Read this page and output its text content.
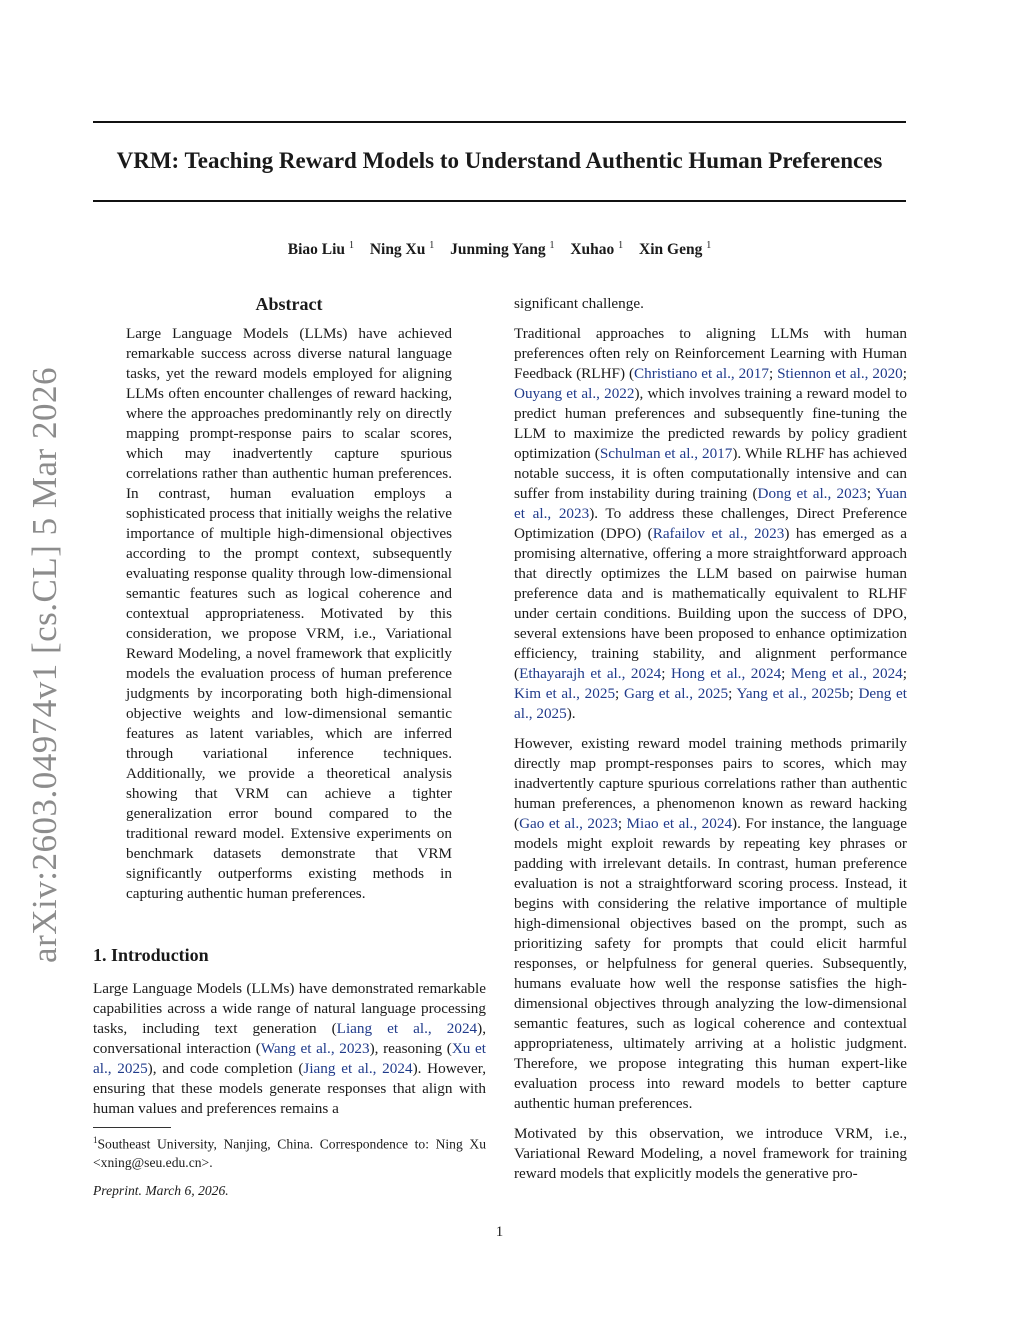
VRM: Teaching Reward Models to Understand Authentic Human Preferences
Biao Liu $^1$ Ning Xu $^1$ Junming Yang $^1$ Xuhao $^1$ Xin Geng $^1$
arXiv:2603.04974v1 [cs.CL] 5 Mar 2026
Abstract

Large Language Models (LLMs) have achieved remarkable success across diverse natural language tasks, yet the reward models employed for aligning LLMs often encounter challenges of reward hacking, where the approaches predominantly rely on directly mapping prompt-response pairs to scalar scores, which may inadvertently capture spurious correlations rather than authentic human preferences. In contrast, human evaluation employs a sophisticated process that initially weighs the relative importance of multiple high-dimensional objectives according to the prompt context, subsequently evaluating response quality through low-dimensional semantic features such as logical coherence and contextual appropriateness. Motivated by this consideration, we propose VRM, i.e., Variational Reward Modeling, a novel framework that explicitly models the evaluation process of human preference judgments by incorporating both high-dimensional objective weights and low-dimensional semantic features as latent variables, which are inferred through variational inference techniques. Additionally, we provide a theoretical analysis showing that VRM can achieve a tighter generalization error bound compared to the traditional reward model. Extensive experiments on benchmark datasets demonstrate that VRM significantly outperforms existing methods in capturing authentic human preferences.

1. Introduction

Large Language Models (LLMs) have demonstrated remarkable capabilities across a wide range of natural language processing tasks, including text generation (Liang et al., 2024), conversational interaction (Wang et al., 2023), reasoning (Xu et al., 2025), and code completion (Jiang et al., 2024). However, ensuring that these models generate responses that align with human values and preferences remains a

$^1$Southeast University, Nanjing, China. Correspondence to: Ning Xu <xning@seu.edu.cn>.

Preprint. March 6, 2026.

significant challenge.

Traditional approaches to aligning LLMs with human preferences often rely on Reinforcement Learning with Human Feedback (RLHF) (Christiano et al., 2017; Stiennon et al., 2020; Ouyang et al., 2022), which involves training a reward model to predict human preferences and subsequently fine-tuning the LLM to maximize the predicted rewards by policy gradient optimization (Schulman et al., 2017). While RLHF has achieved notable success, it is often computationally intensive and can suffer from instability during training (Dong et al., 2023; Yuan et al., 2023). To address these challenges, Direct Preference Optimization (DPO) (Rafailov et al., 2023) has emerged as a promising alternative, offering a more straightforward approach that directly optimizes the LLM based on pairwise human preference data and is mathematically equivalent to RLHF under certain conditions. Building upon the success of DPO, several extensions have been proposed to enhance optimization efficiency, training stability, and alignment performance (Ethayarajh et al., 2024; Hong et al., 2024; Meng et al., 2024; Kim et al., 2025; Garg et al., 2025; Yang et al., 2025b; Deng et al., 2025).

However, existing reward model training methods primarily directly map prompt-responses pairs to scores, which may inadvertently capture spurious correlations rather than authentic human preferences, a phenomenon known as reward hacking (Gao et al., 2023; Miao et al., 2024). For instance, the language models might exploit rewards by repeating key phrases or padding with irrelevant details. In contrast, human preference evaluation is not a straightforward scoring process. Instead, it begins with considering the relative importance of multiple high-dimensional objectives based on the prompt, such as prioritizing safety for prompts that could elicit harmful responses, or helpfulness for general queries. Subsequently, humans evaluate how well the response satisfies the high-dimensional objectives through analyzing the low-dimensional semantic features, such as logical coherence and contextual appropriateness, ultimately arriving at a holistic judgment. Therefore, we propose integrating this human expert-like evaluation process into reward models to better capture authentic human preferences.

Motivated by this observation, we introduce VRM, i.e., Variational Reward Modeling, a novel framework for training reward models that explicitly models the generative pro-

1
